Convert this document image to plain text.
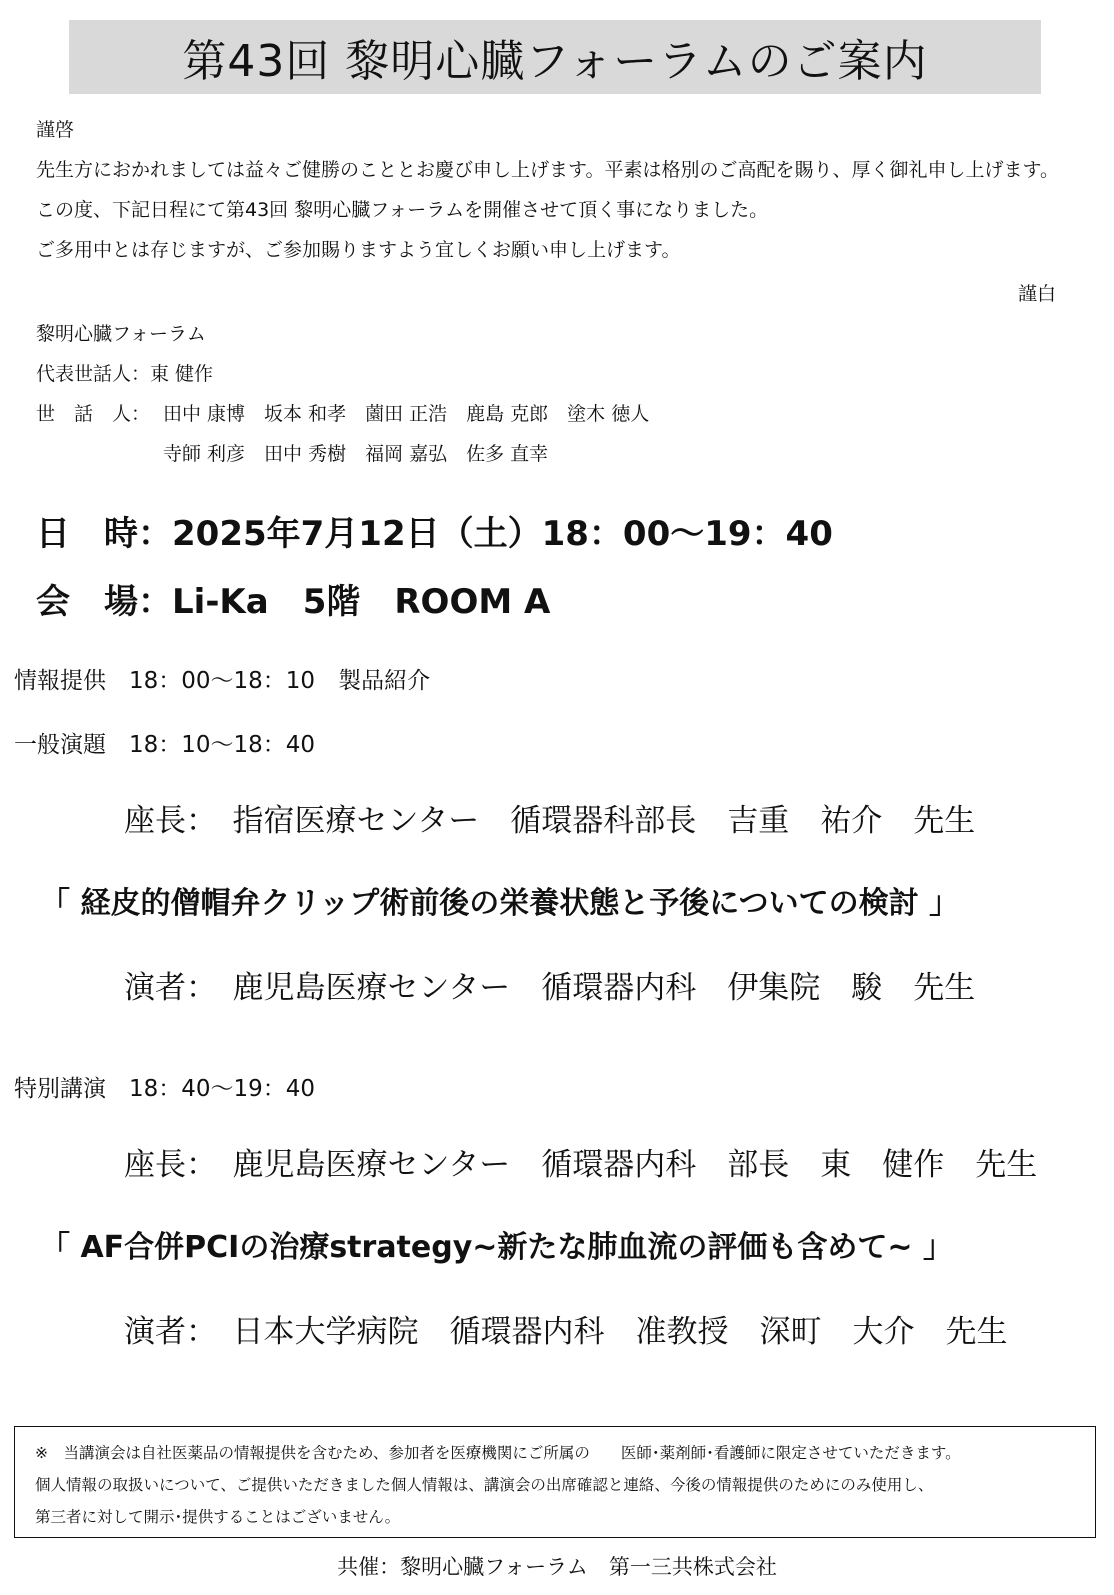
第43回 黎明心臓フォーラムのご案内
謹啓
先生方におかれましては益々ご健勝のこととお慶び申し上げます。平素は格別のご高配を賜り、厚く御礼申し上げます。
この度、下記日程にて第43回 黎明心臓フォーラムを開催させて頂く事になりました。
ご多用中とは存じますが、ご参加賜りますよう宜しくお願い申し上げます。
謹白
黎明心臓フォーラム
代表世話人：東 健作
世　話　人： 田中 康博　坂本 和孝　薗田 正浩　鹿島 克郎　塗木 徳人
寺師 利彦　田中 秀樹　福岡 嘉弘　佐多 直幸
日　時：2025年7月12日（土）18：00～19：40
会　場：Li-Ka　5階　ROOM A
情報提供　18：00～18：10　製品紹介
一般演題　18：10～18：40
座長：　指宿医療センター　循環器科部長　吉重　祐介　先生
「 経皮的僧帽弁クリップ術前後の栄養状態と予後についての検討 」
演者：　鹿児島医療センター　循環器内科　伊集院　駿　先生
特別講演　18：40～19：40
座長：　鹿児島医療センター　循環器内科　部長　東　健作　先生
「 AF合併PCIの治療strategy~新たな肺血流の評価も含めて~ 」
演者：　日本大学病院　循環器内科　准教授　深町　大介　先生
※　当講演会は自社医薬品の情報提供を含むため、参加者を医療機関にご所属の　　医師･薬剤師･看護師に限定させていただきます。
個人情報の取扱いについて、ご提供いただきました個人情報は、講演会の出席確認と連絡、今後の情報提供のためにのみ使用し、
第三者に対して開示･提供することはございません。
共催：黎明心臓フォーラム　第一三共株式会社
